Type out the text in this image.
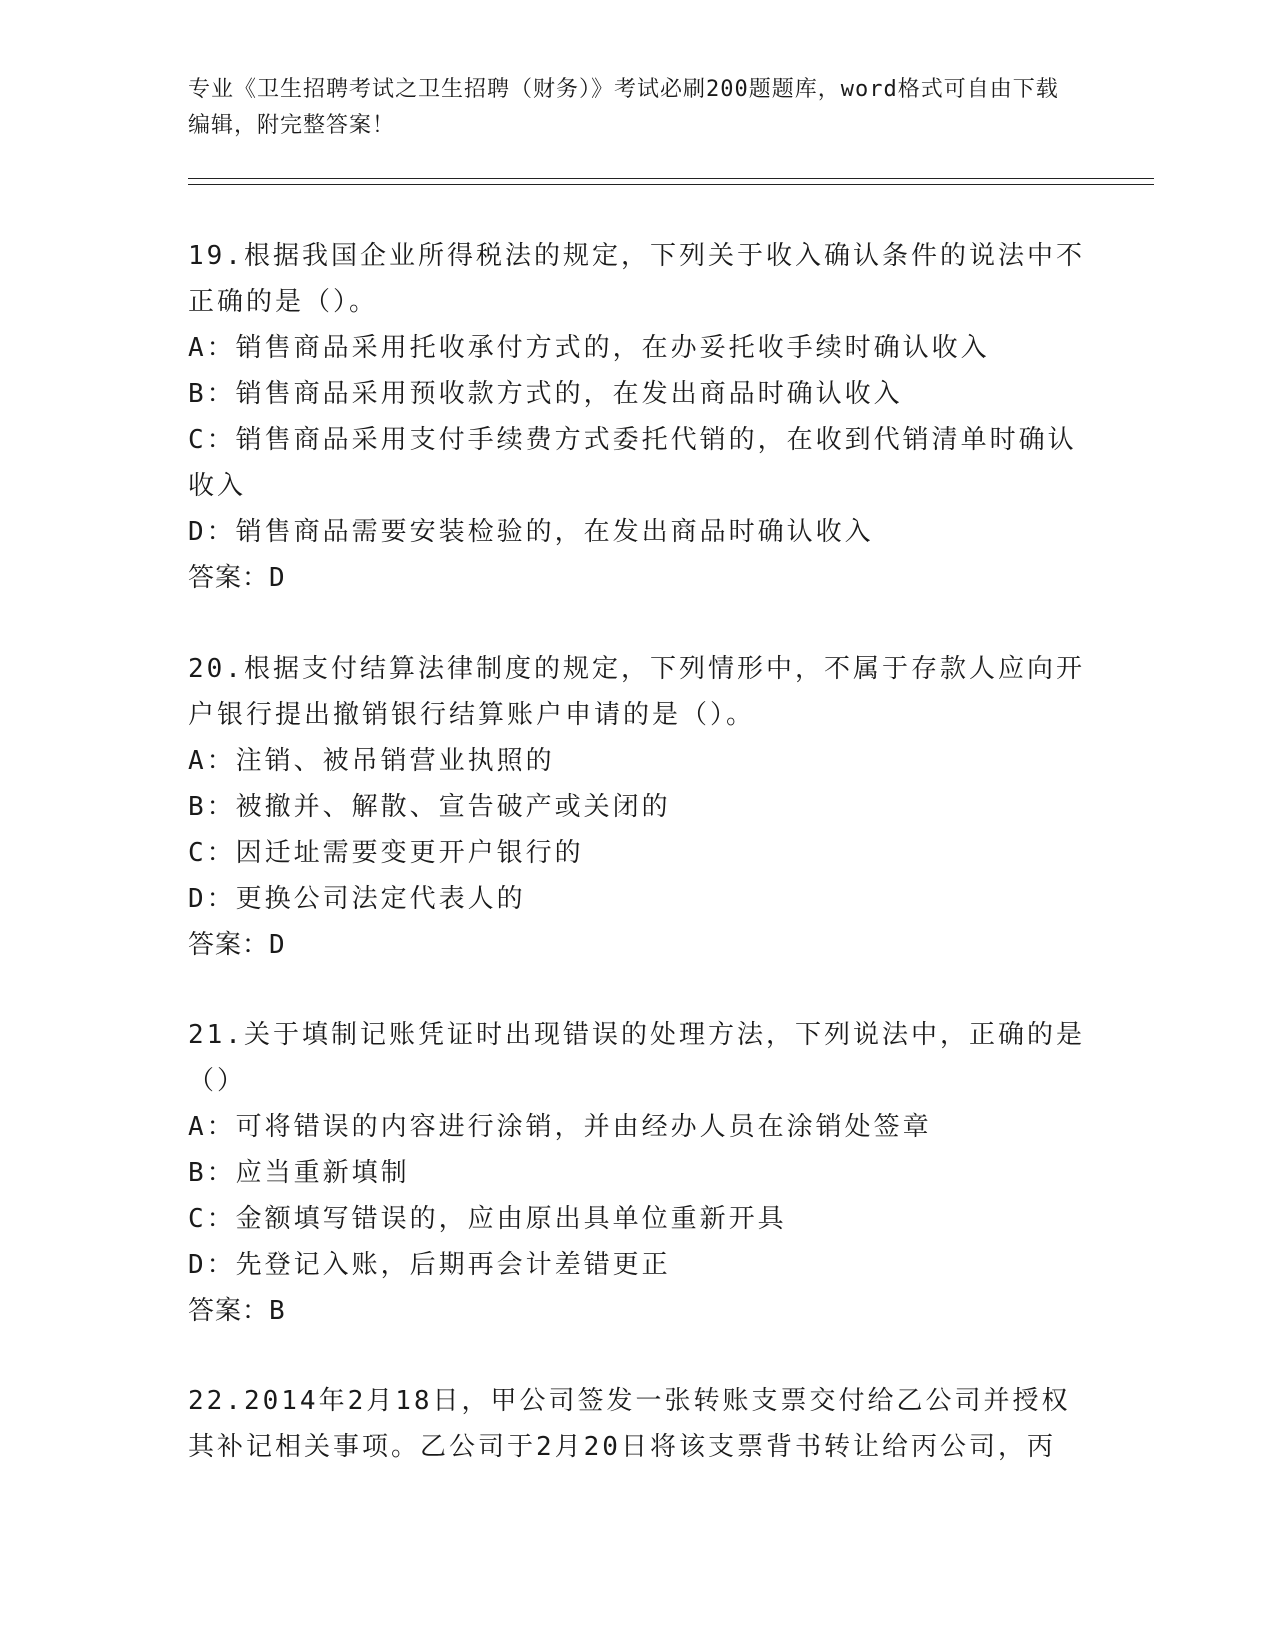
专业《卫生招聘考试之卫生招聘（财务）》考试必刷200题题库，word格式可自由下载编辑，附完整答案！
19.根据我国企业所得税法的规定，下列关于收入确认条件的说法中不正确的是（）。
A：销售商品采用托收承付方式的，在办妥托收手续时确认收入
B：销售商品采用预收款方式的，在发出商品时确认收入
C：销售商品采用支付手续费方式委托代销的，在收到代销清单时确认收入
D：销售商品需要安装检验的，在发出商品时确认收入
答案：D
20.根据支付结算法律制度的规定，下列情形中，不属于存款人应向开户银行提出撤销银行结算账户申请的是（）。
A：注销、被吊销营业执照的
B：被撤并、解散、宣告破产或关闭的
C：因迁址需要变更开户银行的
D：更换公司法定代表人的
答案：D
21.关于填制记账凭证时出现错误的处理方法，下列说法中，正确的是（）
A：可将错误的内容进行涂销，并由经办人员在涂销处签章
B：应当重新填制
C：金额填写错误的，应由原出具单位重新开具
D：先登记入账，后期再会计差错更正
答案：B
22.2014年2月18日，甲公司签发一张转账支票交付给乙公司并授权其补记相关事项。乙公司于2月20日将该支票背书转让给丙公司，丙
